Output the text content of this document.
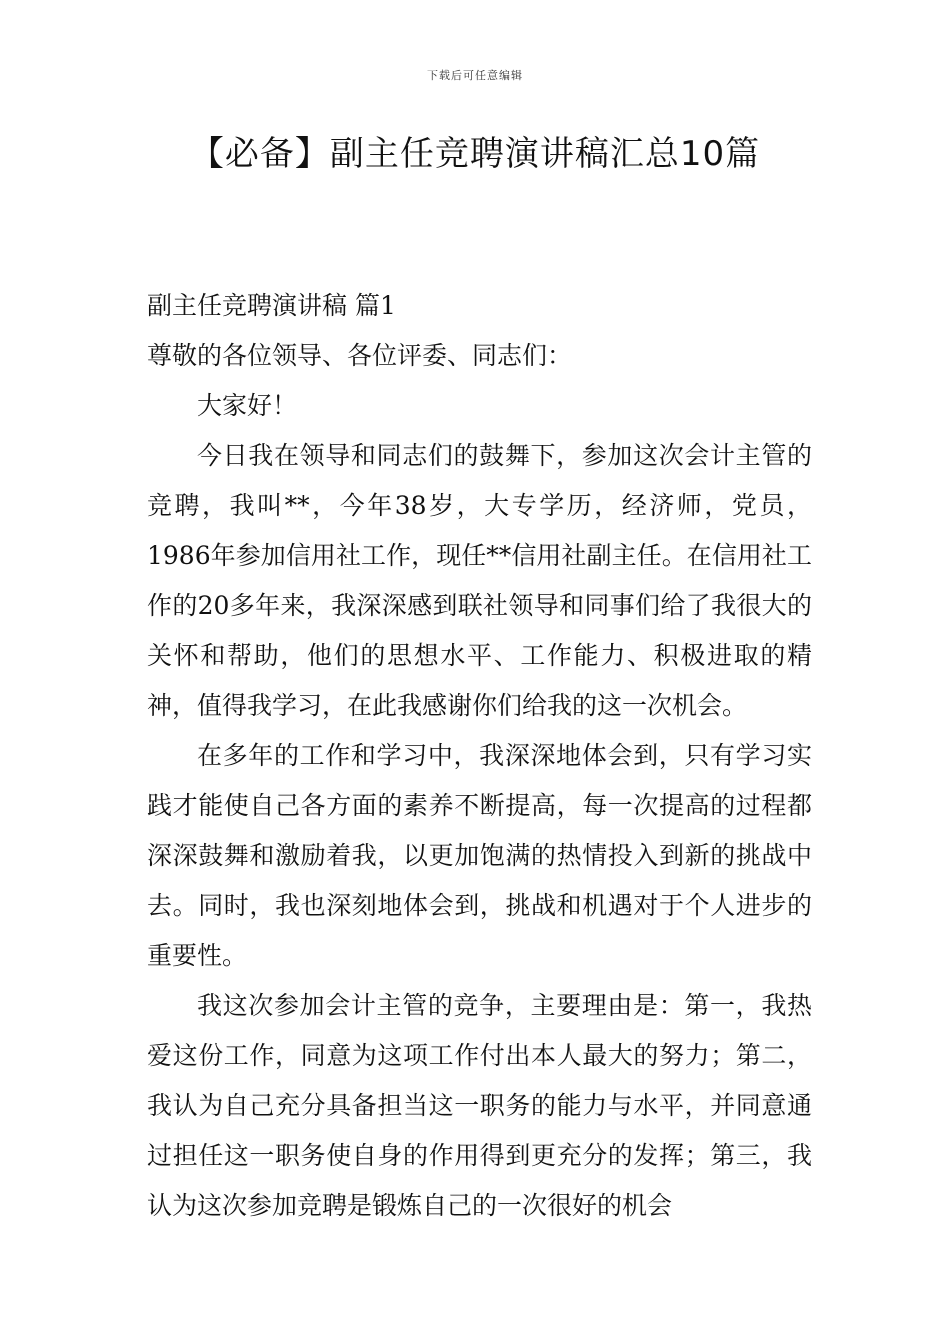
下载后可任意编辑
【必备】副主任竞聘演讲稿汇总10篇

副主任竞聘演讲稿 篇1

尊敬的各位领导、各位评委、同志们：

大家好！

今日我在领导和同志们的鼓舞下，参加这次会计主管的竞聘，我叫**，今年38岁，大专学历，经济师，党员，1986年参加信用社工作，现任**信用社副主任。在信用社工作的20多年来，我深深感到联社领导和同事们给了我很大的关怀和帮助，他们的思想水平、工作能力、积极进取的精神，值得我学习，在此我感谢你们给我的这一次机会。

在多年的工作和学习中，我深深地体会到，只有学习实践才能使自己各方面的素养不断提高，每一次提高的过程都深深鼓舞和激励着我，以更加饱满的热情投入到新的挑战中去。同时，我也深刻地体会到，挑战和机遇对于个人进步的重要性。

我这次参加会计主管的竞争，主要理由是：第一，我热爱这份工作，同意为这项工作付出本人最大的努力；第二，我认为自己充分具备担当这一职务的能力与水平，并同意通过担任这一职务使自身的作用得到更充分的发挥；第三，我认为这次参加竞聘是锻炼自己的一次很好的机会
